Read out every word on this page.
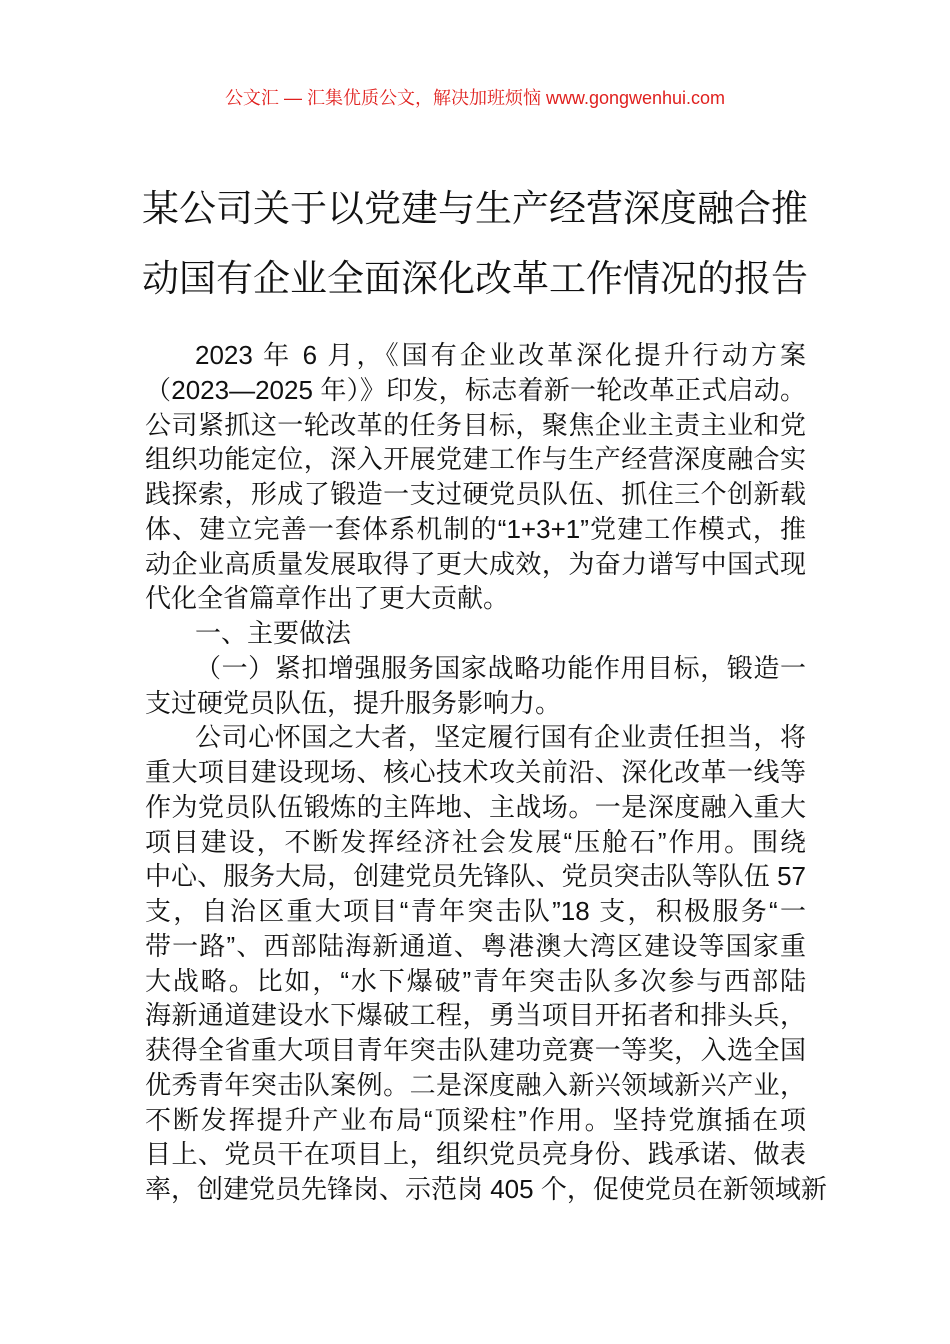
公文汇 — 汇集优质公文，解决加班烦恼 www.gongwenhui.com
某公司关于以党建与生产经营深度融合推
动国有企业全面深化改革工作情况的报告
2023 年 6 月，《国有企业改革深化提升行动方案
（2023—2025 年）》印发，标志着新一轮改革正式启动。
公司紧抓这一轮改革的任务目标，聚焦企业主责主业和党
组织功能定位，深入开展党建工作与生产经营深度融合实
践探索，形成了锻造一支过硬党员队伍、抓住三个创新载
体、建立完善一套体系机制的“1+3+1”党建工作模式，推
动企业高质量发展取得了更大成效，为奋力谱写中国式现
代化全省篇章作出了更大贡献。
一、主要做法
（一）紧扣增强服务国家战略功能作用目标，锻造一
支过硬党员队伍，提升服务影响力。
公司心怀国之大者，坚定履行国有企业责任担当，将
重大项目建设现场、核心技术攻关前沿、深化改革一线等
作为党员队伍锻炼的主阵地、主战场。一是深度融入重大
项目建设，不断发挥经济社会发展“压舱石”作用。围绕
中心、服务大局，创建党员先锋队、党员突击队等队伍 57
支，自治区重大项目“青年突击队”18 支，积极服务“一
带一路”、西部陆海新通道、粤港澳大湾区建设等国家重
大战略。比如，“水下爆破”青年突击队多次参与西部陆
海新通道建设水下爆破工程，勇当项目开拓者和排头兵，
获得全省重大项目青年突击队建功竞赛一等奖，入选全国
优秀青年突击队案例。二是深度融入新兴领域新兴产业，
不断发挥提升产业布局“顶梁柱”作用。坚持党旗插在项
目上、党员干在项目上，组织党员亮身份、践承诺、做表
率，创建党员先锋岗、示范岗 405 个，促使党员在新领域新
